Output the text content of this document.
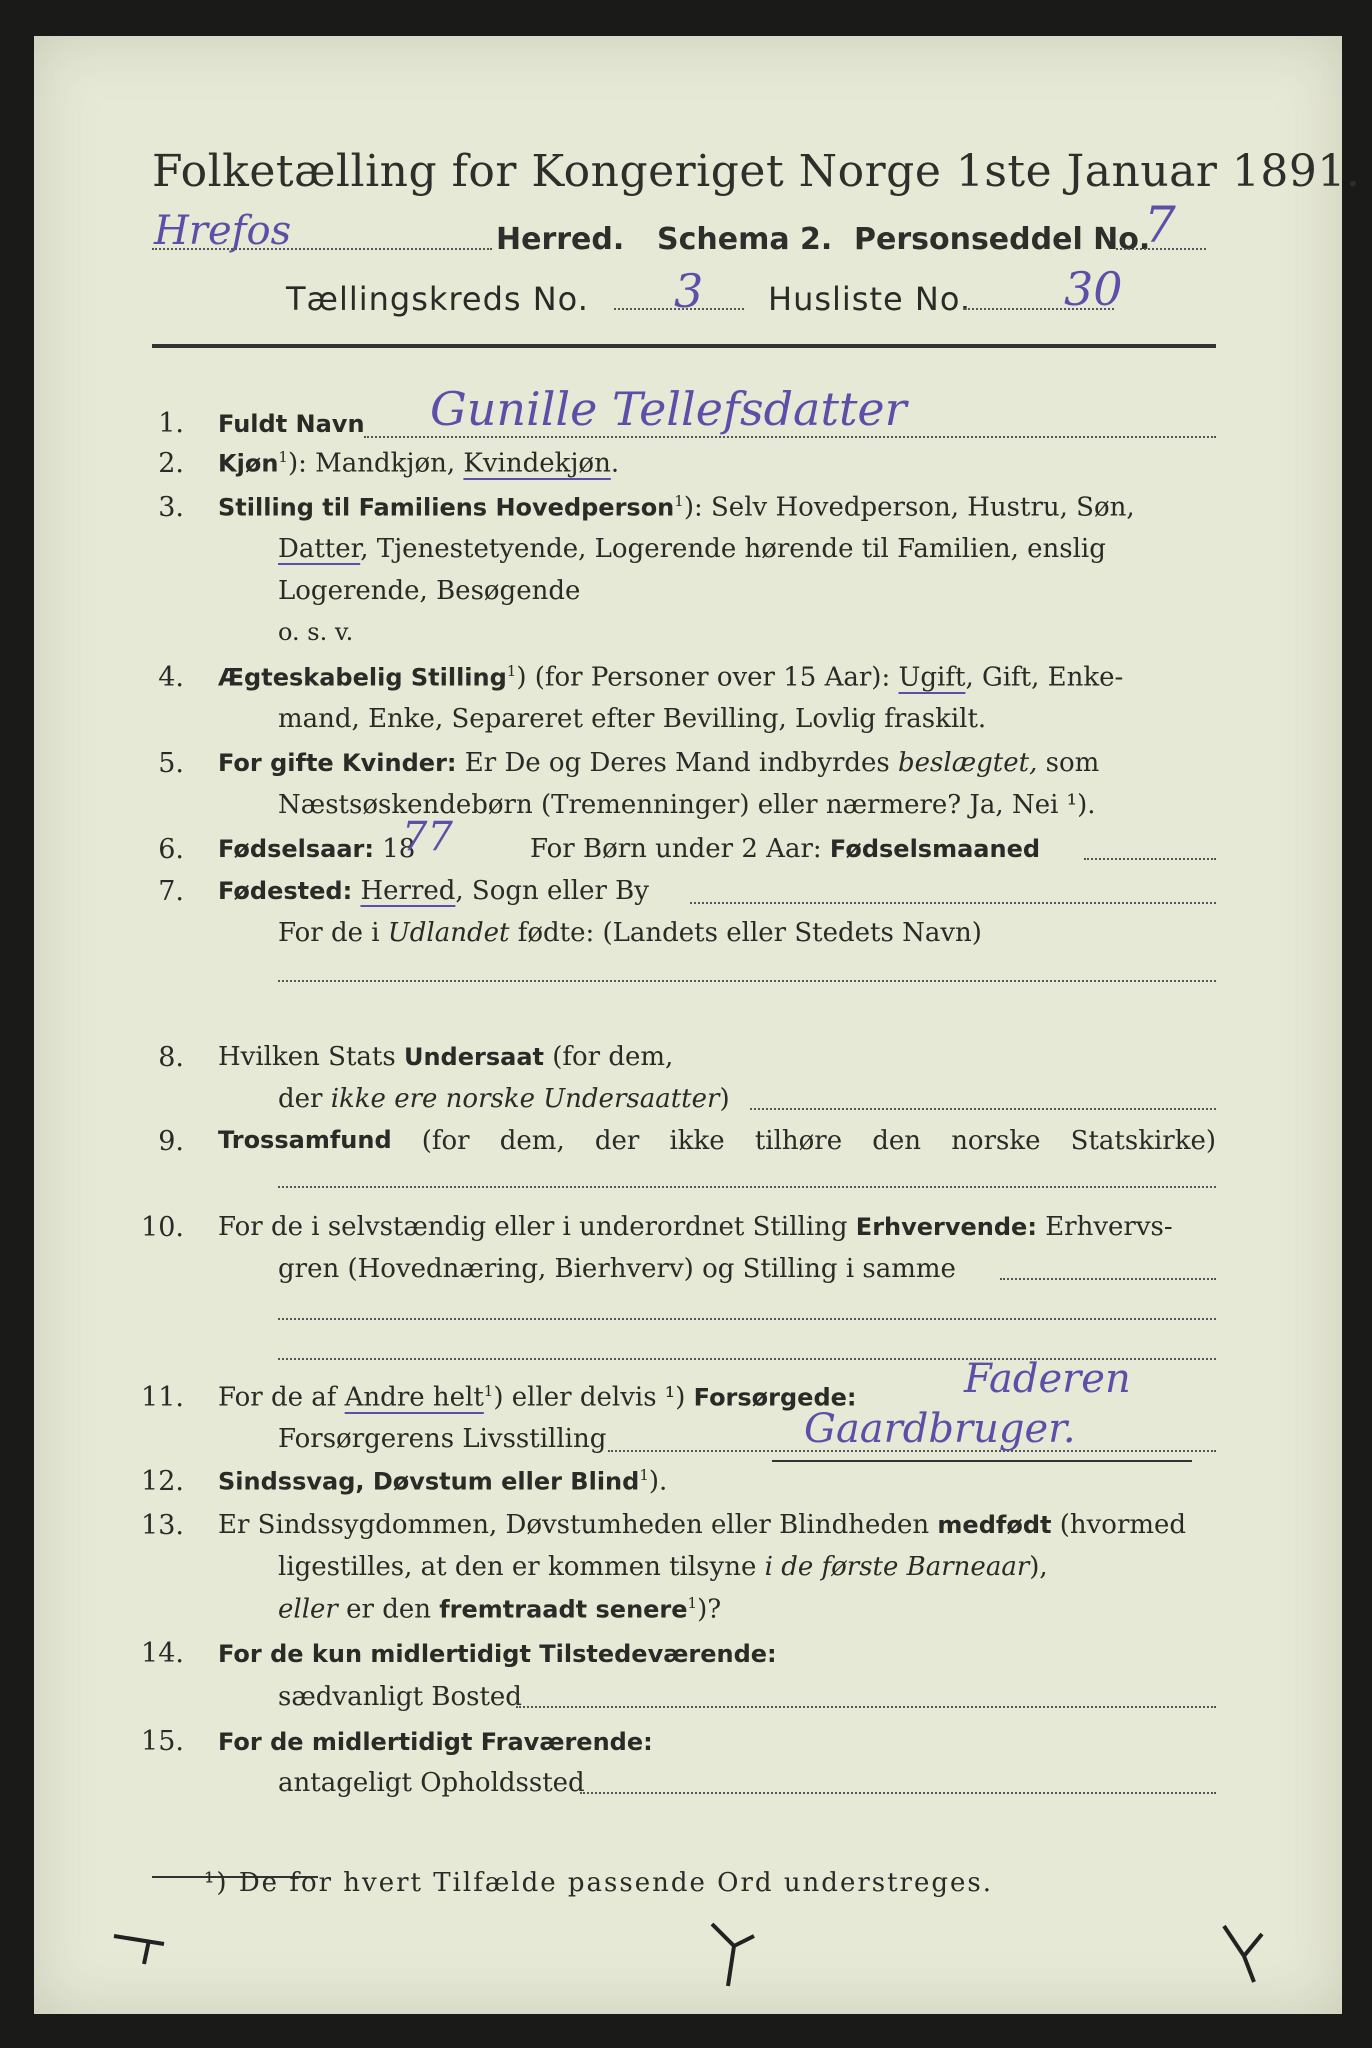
Folketælling for Kongeriget Norge 1ste Januar 1891.
Hrefos	Herred. Schema 2. Personseddel No.
7
Tællingskreds No. 3 Husliste No. 30
1. Fuldt Navn Gunille Tellefsdatter
2. Kjøn$^1$): Mandkjøn, Kvindekjøn.
3. Stilling til Familiens Hovedperson$^1$): Selv Hovedperson, Hustru, Søn,
Datter, Tjenestetyende, Logerende hørende til Familien, enslig
Logerende, Besøgende
o. s. v.
4. Ægteskabelig Stilling$^1$) (for Personer over 15 Aar): Ugift, Gift, Enke-
mand, Enke, Separeret efter Bevilling, Lovlig fraskilt.
5. For gifte Kvinder: Er De og Deres Mand indbyrdes beslægtet, som
Næstsøskendebørn (Tremenninger) eller nærmere? Ja, Nei ¹).
6. Fødselsaar: 18
77	For Børn under 2 Aar: Fødselsmaaned
7. Fødested: Herred, Sogn eller By
For de i Udlandet fødte: (Landets eller Stedets Navn)
8. Hvilken Stats Undersaat (for dem,
der ikke ere norske Undersaatter)
9. Trossamfund (for dem, der ikke tilhøre den norske Statskirke)
10. For de i selvstændig eller i underordnet Stilling Erhvervende: Erhvervs-
gren (Hovednæring, Bierhverv) og Stilling i samme
11. For de af Andre helt$^1$) eller delvis ¹) Forsørgede:	Faderen
Forsørgerens Livsstilling	Gaardbruger.
12. Sindssvag, Døvstum eller Blind$^1$).
13. Er Sindssygdommen, Døvstumheden eller Blindheden medfødt (hvormed
ligestilles, at den er kommen tilsyne i de første Barneaar),
eller er den fremtraadt senere$^1$)?
14. For de kun midlertidigt Tilstedeværende:
sædvanligt Bosted
15. For de midlertidigt Fraværende:
antageligt Opholdssted
¹) De for hvert Tilfælde passende Ord understreges.
